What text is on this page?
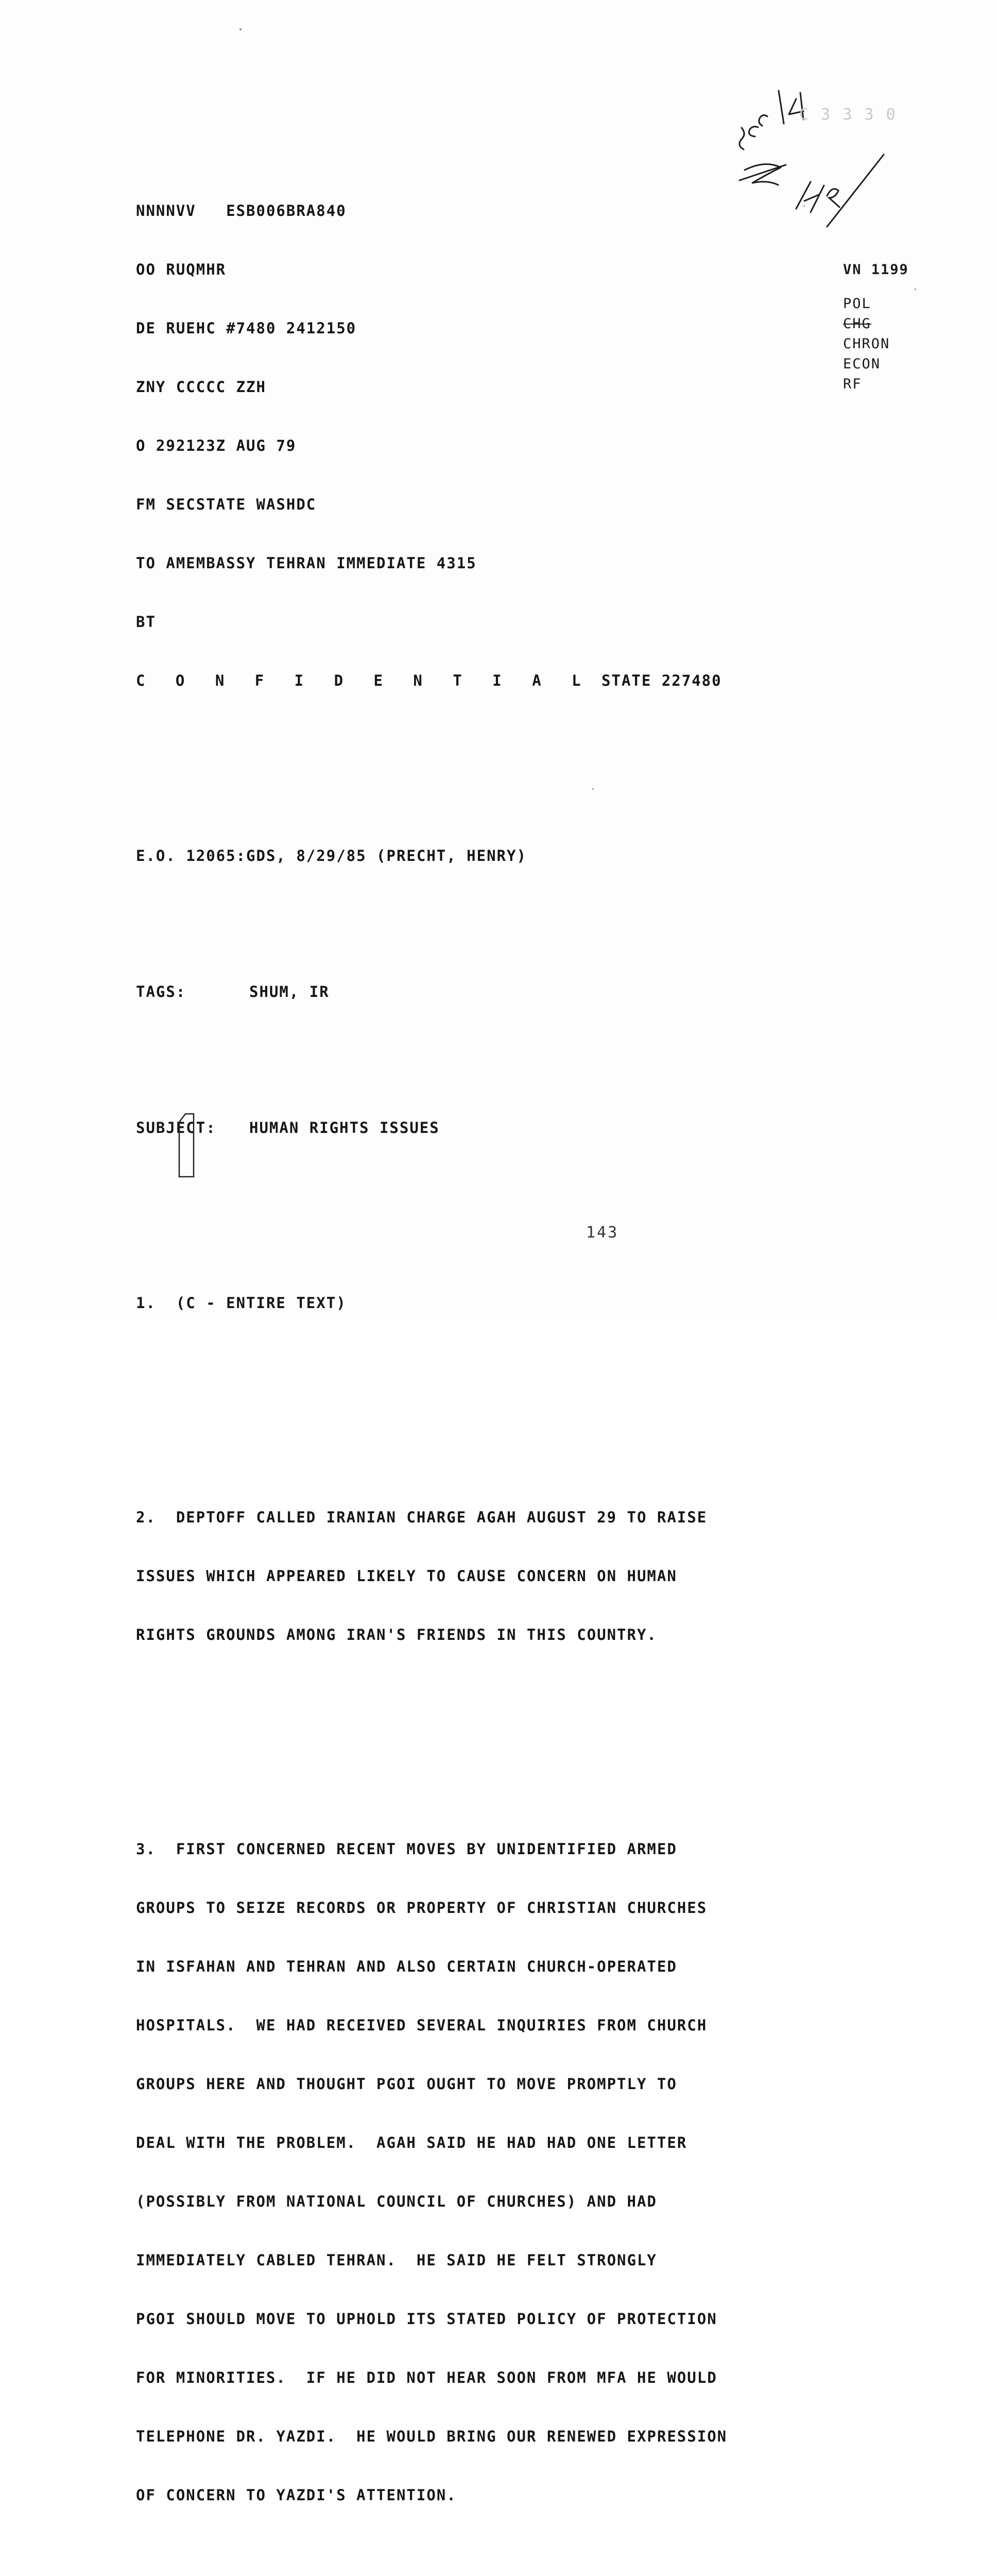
C 3 3 3 0

NNNNVV   ESB006BRA840

OO RUQMHR

DE RUEHC #7480 2412150

ZNY CCCCC ZZH

O 292123Z AUG 79

FM SECSTATE WASHDC

TO AMEMBASSY TEHRAN IMMEDIATE 4315

BT

C O N F I D E N T I A L STATE 227480

E.O. 12065:GDS, 8/29/85 (PRECHT, HENRY)

TAGS:	SHUM, IR

SUBJECT: HUMAN RIGHTS ISSUES

1.  (C - ENTIRE TEXT)

2.  DEPTOFF CALLED IRANIAN CHARGE AGAH AUGUST 29 TO RAISE

ISSUES WHICH APPEARED LIKELY TO CAUSE CONCERN ON HUMAN

RIGHTS GROUNDS AMONG IRAN'S FRIENDS IN THIS COUNTRY.

3.  FIRST CONCERNED RECENT MOVES BY UNIDENTIFIED ARMED

GROUPS TO SEIZE RECORDS OR PROPERTY OF CHRISTIAN CHURCHES

IN ISFAHAN AND TEHRAN AND ALSO CERTAIN CHURCH-OPERATED

HOSPITALS.  WE HAD RECEIVED SEVERAL INQUIRIES FROM CHURCH

GROUPS HERE AND THOUGHT PGOI OUGHT TO MOVE PROMPTLY TO

DEAL WITH THE PROBLEM.  AGAH SAID HE HAD HAD ONE LETTER

(POSSIBLY FROM NATIONAL COUNCIL OF CHURCHES) AND HAD

IMMEDIATELY CABLED TEHRAN.  HE SAID HE FELT STRONGLY

PGOI SHOULD MOVE TO UPHOLD ITS STATED POLICY OF PROTECTION

FOR MINORITIES.  IF HE DID NOT HEAR SOON FROM MFA HE WOULD

TELEPHONE DR. YAZDI.  HE WOULD BRING OUR RENEWED EXPRESSION

OF CONCERN TO YAZDI'S ATTENTION.

VN 1199
POL
CHG
CHRON
ECON
RF
143
